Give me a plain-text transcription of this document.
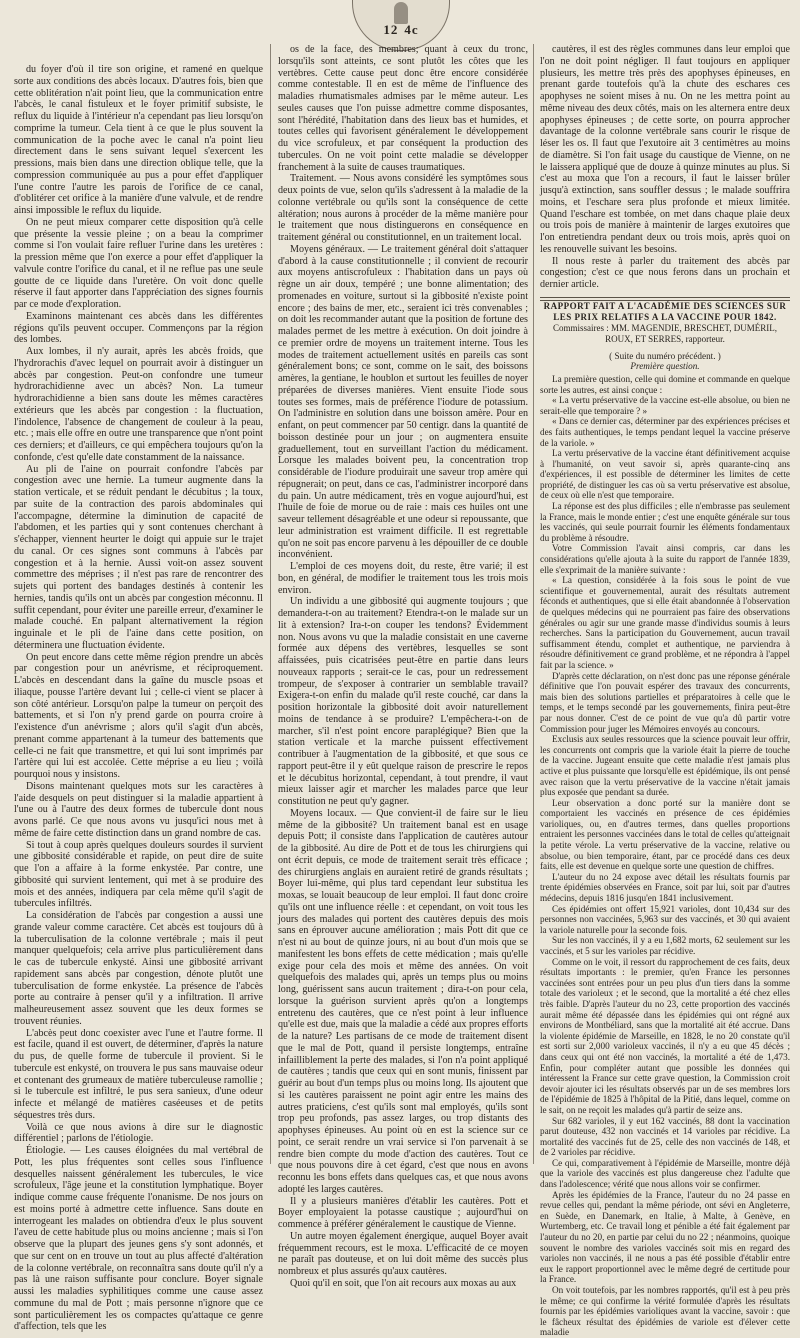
12 4c

du foyer d'où il tire son origine, et ramené en quelque sorte aux conditions des abcès locaux. D'autres fois, bien que cette oblitération n'ait point lieu, que la communication entre l'abcès, le canal fistuleux et le foyer primitif subsiste, le reflux du liquide à l'intérieur n'a cependant pas lieu lorsqu'on comprime la tumeur. Cela tient à ce que le plus souvent la communication de la poche avec le canal n'a point lieu directement dans le sens suivant lequel s'exercent les pressions, mais bien dans une direction oblique telle, que la compression communiquée au pus a pour effet d'appliquer l'une contre l'autre les parois de l'orifice de ce canal, d'oblitérer cet orifice à la manière d'une valvule, et de rendre ainsi impossible le reflux du liquide.

On ne peut mieux comparer cette disposition qu'à celle que présente la vessie pleine ; on a beau la comprimer comme si l'on voulait faire refluer l'urine dans les uretères : la pression même que l'on exerce a pour effet d'appliquer la valvule contre l'orifice du canal, et il ne reflue pas une seule goutte de ce liquide dans l'uretère. On voit donc quelle réserve il faut apporter dans l'appréciation des signes fournis par ce mode d'exploration.

Examinons maintenant ces abcès dans les différentes régions qu'ils peuvent occuper. Commençons par la région des lombes.

Aux lombes, il n'y aurait, après les abcès froids, que l'hydrorachis d'avec lequel on pourrait avoir à distinguer un abcès par congestion. Peut-on confondre une tumeur hydrorachidienne avec un abcès? Non. La tumeur hydrorachidienne a bien sans doute les mêmes caractères extérieurs que les abcès par congestion : la fluctuation, l'indolence, l'absence de changement de couleur à la peau, etc. ; mais elle offre en outre une transparence que n'ont point ces derniers; et d'ailleurs, ce qui empêchera toujours qu'on la confonde, c'est qu'elle date constamment de la naissance.

Au pli de l'aine on pourrait confondre l'abcès par congestion avec une hernie. La tumeur augmente dans la station verticale, et se réduit pendant le décubitus ; la toux, par suite de la contraction des parois abdominales qui l'accompagne, détermine la diminution de capacité de l'abdomen, et les parties qui y sont contenues cherchant à s'échapper, viennent heurter le doigt qui appuie sur le trajet du canal. Or ces signes sont communs à l'abcès par congestion et à la hernie. Aussi voit-on assez souvent commettre des méprises ; il n'est pas rare de rencontrer des sujets qui portent des bandages destinés à contenir les hernies, tandis qu'ils ont un abcès par congestion méconnu. Il suffit cependant, pour éviter une pareille erreur, d'examiner le malade couché. En palpant alternativement la région inguinale et le pli de l'aine dans cette position, on déterminera une fluctuation évidente.

On peut encore dans cette même région prendre un abcès par congestion pour un anévrisme, et réciproquement. L'abcès en descendant dans la gaîne du muscle psoas et iliaque, pousse l'artère devant lui ; celle-ci vient se placer à son côté antérieur. Lorsqu'on palpe la tumeur on perçoit des battements, et si l'on n'y prend garde on pourra croire à l'existence d'un anévrisme ; alors qu'il s'agit d'un abcès, prenant comme appartenant à la tumeur des battements que celle-ci ne fait que transmettre, et qui lui sont imprimés par l'artère qui lui est accolée. Cette méprise a eu lieu ; voilà pourquoi nous y insistons.

Disons maintenant quelques mots sur les caractères à l'aide desquels on peut distinguer si la maladie appartient à l'une ou à l'autre des deux formes de tubercule dont nous avons parlé. Ce que nous avons vu jusqu'ici nous met à même de faire cette distinction dans un grand nombre de cas.

Si tout à coup après quelques douleurs sourdes il survient une gibbosité considérable et rapide, on peut dire de suite que l'on a affaire à la forme enkystée. Par contre, une gibbosité qui survient lentement, qui met à se produire des mois et des années, indiquera par cela même qu'il s'agit de tubercules infiltrés.

La considération de l'abcès par congestion a aussi une grande valeur comme caractère. Cet abcès est toujours dû à la tuberculisation de la colonne vertébrale ; mais il peut manquer quelquefois; cela arrive plus particulièrement dans le cas de tubercule enkysté. Ainsi une gibbosité arrivant rapidement sans abcès par congestion, dénote plutôt une tuberculisation de forme enkystée. La présence de l'abcès porte au contraire à penser qu'il y a infiltration. Il arrive malheureusement assez souvent que les deux formes se trouvent réunies.

L'abcès peut donc coexister avec l'une et l'autre forme. Il est facile, quand il est ouvert, de déterminer, d'après la nature du pus, de quelle forme de tubercule il provient. Si le tubercule est enkysté, on trouvera le pus sans mauvaise odeur et contenant des grumeaux de matière tuberculeuse ramollie ; si le tubercule est infiltré, le pus sera sanieux, d'une odeur infecte et mélangé de matières caséeuses et de petits séquestres très durs.

Voilà ce que nous avions à dire sur le diagnostic différentiel ; parlons de l'étiologie.

Étiologie. — Les causes éloignées du mal vertébral de Pott, les plus fréquentes sont celles sous l'influence desquelles naissent généralement les tubercules, le vice scrofuleux, l'âge jeune et la constitution lymphatique. Boyer indique comme cause fréquente l'onanisme. De nos jours on est moins porté à admettre cette influence. Sans doute en interrogeant les malades on obtiendra d'eux le plus souvent l'aveu de cette habitude plus ou moins ancienne ; mais si l'on observe que la plupart des jeunes gens s'y sont adonnés, et que sur cent on en trouve un tout au plus affecté d'altération de la colonne vertébrale, on reconnaîtra sans doute qu'il n'y a pas là une raison suffisante pour conclure. Boyer signale aussi les maladies syphilitiques comme une cause assez commune du mal de Pott ; mais personne n'ignore que ce sont particulièrement les os compactes qu'attaque ce genre d'affection, tels que les

os de la face, des membres; quant à ceux du tronc, lorsqu'ils sont atteints, ce sont plutôt les côtes que les vertèbres. Cette cause peut donc être encore considérée comme contestable. Il en est de même de l'influence des maladies rhumatismales admises par le même auteur. Les seules causes que l'on puisse admettre comme disposantes, sont l'hérédité, l'habitation dans des lieux bas et humides, et toutes celles qui favorisent généralement le développement du vice scrofuleux, et par conséquent la production des tubercules. On ne voit point cette maladie se développer franchement à la suite de causes traumatiques.

Traitement. — Nous avons considéré les symptômes sous deux points de vue, selon qu'ils s'adressent à la maladie de la colonne vertébrale ou qu'ils sont la conséquence de cette altération; nous aurons à procéder de la même manière pour le traitement que nous distinguerons en conséquence en traitement général ou constitutionnel, en un traitement local.

Moyens généraux. — Le traitement général doit s'attaquer d'abord à la cause constitutionnelle ; il convient de recourir aux moyens antiscrofuleux : l'habitation dans un pays où règne un air doux, tempéré ; une bonne alimentation; des promenades en voiture, surtout si la gibbosité n'existe point encore ; des bains de mer, etc., seraient ici très convenables ; on doit les recommander autant que la position de fortune des malades permet de les mettre à exécution. On doit joindre à ce premier ordre de moyens un traitement interne. Tous les modes de traitement actuellement usités en pareils cas sont généralement bons; ce sont, comme on le sait, des boissons amères, la gentiane, le houblon et surtout les feuilles de noyer préparées de diverses manières. Vient ensuite l'iode sous toutes ses formes, mais de préférence l'iodure de potassium. On l'administre en solution dans une boisson amère. Pour en enfant, on peut commencer par 50 centigr. dans la quantité de boisson destinée pour un jour ; on augmentera ensuite graduellement, tout en surveillant l'action du médicament. Lorsque les malades boivent peu, la concentration trop considérable de l'iodure produirait une saveur trop amère qui répugnerait; on peut, dans ce cas, l'administrer incorporé dans du pain. Un autre médicament, très en vogue aujourd'hui, est l'huile de foie de morue ou de raie : mais ces huiles ont une saveur tellement désagréable et une odeur si repoussante, que leur administration est vraiment difficile. Il est regrettable qu'on ne soit pas encore parvenu à les dépouiller de ce double inconvénient.

L'emploi de ces moyens doit, du reste, être varié; il est bon, en général, de modifier le traitement tous les trois mois environ.

Un individu a une gibbosité qui augmente toujours ; que demandera-t-on au traitement? Etendra-t-on le malade sur un lit à extension? Ira-t-on couper les tendons? Évidemment non. Nous avons vu que la maladie consistait en une caverne formée aux dépens des vertèbres, lesquelles se sont affaissées, puis cicatrisées peut-être en partie dans leurs nouveaux rapports ; serait-ce le cas, pour un redressement trompeur, de s'exposer à contrarier un semblable travail? Exigera-t-on enfin du malade qu'il reste couché, car dans la position horizontale la gibbosité doit avoir naturellement moins de tendance à se produire? L'empêchera-t-on de marcher, s'il n'est point encore paraplégique? Bien que la station verticale et la marche puissent effectivement contribuer à l'augmentation de la gibbosité, et que sous ce rapport peut-être il y eût quelque raison de prescrire le repos et le décubitus horizontal, cependant, à tout prendre, il vaut mieux laisser agir et marcher les malades parce que leur constitution ne peut qu'y gagner.

Moyens locaux. — Que convient-il de faire sur le lieu même de la gibbosité? Un traitement banal est en usage depuis Pott; il consiste dans l'application de cautères autour de la gibbosité. Au dire de Pott et de tous les chirurgiens qui ont écrit depuis, ce mode de traitement serait très efficace ; des chirurgiens anglais en auraient retiré de grands résultats ; Boyer lui-même, qui plus tard cependant leur substitua les moxas, se louait beaucoup de leur emploi. Il faut donc croire qu'ils ont une influence réelle : et cependant, on voit tous les jours des malades qui portent des cautères depuis des mois sans en éprouver aucune amélioration ; mais Pott dit que ce n'est ni au bout de quinze jours, ni au bout d'un mois que se manifestent les bons effets de cette médication ; mais qu'elle exige pour cela des mois et même des années. On voit quelquefois des malades qui, après un temps plus ou moins long, guérissent sans aucun traitement ; dira-t-on pour cela, lorsque la guérison survient après qu'on a longtemps entretenu des cautères, que ce n'est point à leur influence qu'elle est due, mais que la maladie a cédé aux propres efforts de la nature? Les partisans de ce mode de traitement disent que le mal de Pott, quand il persiste longtemps, entraîne infailliblement la perte des malades, si l'on n'a point appliqué de cautères ; tandis que ceux qui en sont munis, finissent par guérir au bout d'un temps plus ou moins long. Ils ajoutent que si les cautères paraissent ne point agir entre les mains des autres praticiens, c'est qu'ils sont mal employés, qu'ils sont trop peu profonds, pas assez larges, ou trop distants des apophyses épineuses. Au point où en est la science sur ce point, ce serait rendre un vrai service si l'on parvenait à se rendre bien compte du mode d'action des cautères. Tout ce que nous pouvons dire à cet égard, c'est que nous en avons reconnu les bons effets dans quelques cas, et que nous avons adopté les larges cautères.

Il y a plusieurs manières d'établir les cautères. Pott et Boyer employaient la potasse caustique ; aujourd'hui on commence à préférer généralement le caustique de Vienne.

Un autre moyen également énergique, auquel Boyer avait fréquemment recours, est le moxa. L'efficacité de ce moyen ne paraît pas douteuse, et on lui doit même des succès plus nombreux et plus assurés qu'aux cautères.

Quoi qu'il en soit, que l'on ait recours aux moxas au aux

cautères, il est des règles communes dans leur emploi que l'on ne doit point négliger. Il faut toujours en appliquer plusieurs, les mettre très près des apophyses épineuses, en prenant garde toutefois qu'à la chute des eschares ces apophyses ne soient mises à nu. On ne les mettra point au même niveau des deux côtés, mais on les alternera entre deux apophyses épineuses ; de cette sorte, on pourra approcher davantage de la colonne vertébrale sans courir le risque de léser les os. Il faut que l'exutoire ait 3 centimètres au moins de diamètre. Si l'on fait usage du caustique de Vienne, on ne le laissera appliqué que de douze à quinze minutes au plus. Si c'est au moxa que l'on a recours, il faut le laisser brûler jusqu'à extinction, sans souffler dessus ; le malade souffrira moins, et l'eschare sera plus profonde et mieux limitée. Quand l'eschare est tombée, on met dans chaque plaie deux ou trois pois de manière à maintenir de larges exutoires que l'on entretiendra pendant deux ou trois mois, après quoi on les renouvelle suivant les besoins.

Il nous reste à parler du traitement des abcès par congestion; c'est ce que nous ferons dans un prochain et dernier article.

RAPPORT FAIT A L'ACADÉMIE DES SCIENCES SUR LES PRIX RELATIFS A LA VACCINE POUR 1842.

Commissaires : MM. MAGENDIE, BRESCHET, DUMÉRIL, ROUX, ET SERRES, rapporteur.

( Suite du numéro précédent. )

Première question.

La première question, celle qui domine et commande en quelque sorte les autres, est ainsi conçue :

« La vertu préservative de la vaccine est-elle absolue, ou bien ne serait-elle que temporaire ? »

« Dans ce dernier cas, déterminer par des expériences précises et des faits authentiques, le temps pendant lequel la vaccine préserve de la variole. »

La vertu préservative de la vaccine étant définitivement acquise à l'humanité, on veut savoir si, après quarante-cinq ans d'expériences, il est possible de déterminer les limites de cette propriété, de distinguer les cas où sa vertu préservative est absolue, de ceux où elle n'est que temporaire.

La réponse est des plus difficiles ; elle n'embrasse pas seulement la France, mais le monde entier ; c'est une enquête générale sur tous les vaccinés, qui seule pourrait fournir les éléments fondamentaux du problème à résoudre.

Votre Commission l'avait ainsi compris, car dans les considérations qu'elle ajouta à la suite du rapport de l'année 1839, elle s'exprimait de la manière suivante :

« La question, considérée à la fois sous le point de vue scientifique et gouvernemental, aurait des résultats autrement féconds et authentiques, que si elle était abandonnée à l'observation de quelques médecins qui ne pourraient pas faire des observations générales ou agir sur une grande masse d'individus soumis à leurs recherches. Sans la participation du Gouvernement, aucun travail suffisamment étendu, complet et authentique, ne parviendra à résoudre définitivement ce grand problème, et ne répondra à l'appel fait par la science. »

D'après cette déclaration, on n'est donc pas une réponse générale définitive que l'on pouvait espérer des travaux des concurrents, mais bien des solutions partielles et préparatoires à celle que le temps, et le temps secondé par les gouvernements, finira peut-être par nous donner. C'est de ce point de vue qu'a dû partir votre Commission pour juger les Mémoires envoyés au concours.

Exclusis aux seules ressources que la science pouvait leur offrir, les concurrents ont compris que la variole était la pierre de touche de la vaccine. Jugeant ensuite que cette maladie n'est jamais plus active et plus puissante que lorsqu'elle est épidémique, ils ont pensé avec raison que la vertu préservative de la vaccine n'était jamais plus exposée que pendant sa durée.

Leur observation a donc porté sur la manière dont se comportaient les vaccinés en présence de ces épidémies varioliques, ou, en d'autres termes, dans quelles proportions entraient les personnes vaccinées dans le total de celles qu'atteignait la petite vérole. La vertu préservative de la vaccine, relative ou absolue, ou bien temporaire, étant, par ce procédé dans ces deux faits, elle est devenue en quelque sorte une question de chiffres.

L'auteur du no 24 expose avec détail les résultats fournis par trente épidémies observées en France, soit par lui, soit par d'autres médecins, depuis 1816 jusqu'en 1841 inclusivement.

Ces épidémies ont offert 15,921 varioles, dont 10,434 sur des personnes non vaccinées, 5,963 sur des vaccinés, et 30 qui avaient la variole naturelle pour la seconde fois.

Sur les non vaccinés, il y a eu 1,682 morts, 62 seulement sur les vaccinés, et 5 sur les varioles par récidive.

Comme on le voit, il ressort du rapprochement de ces faits, deux résultats importants : le premier, qu'en France les personnes vaccinées sont entrées pour un peu plus d'un tiers dans la somme totale des varioleux ; et le second, que la mortalité a été chez elles très faible. D'après l'auteur du no 23, cette proportion des vaccinés aurait même été dépassée dans les épidémies qui ont régné aux environs de Montbéliard, sans que la mortalité ait été accrue. Dans la violente épidémie de Marseille, en 1828, le no 20 constate qu'il est sorti sur 2,000 varioleux vaccinés, il n'y a eu que 45 décès ; dans ceux qui ont été non vaccinés, la mortalité a été de 1,473. Enfin, pour compléter autant que possible les données qui intéressent la France sur cette grave question, la Commission croit devoir ajouter ici les résultats observés par un de ses membres lors de l'épidémie de 1825 à l'hôpital de la Pitié, dans lequel, comme on le sait, on ne reçoit les malades qu'à partir de seize ans.

Sur 682 varioles, il y eut 162 vaccinés, 88 dont la vaccination parut douteuse, 432 non vaccinés et 14 varioles par récidive. La mortalité des vaccinés fut de 25, celle des non vaccinés de 148, et de 2 varioles par récidive.

Ce qui, comparativement à l'épidémie de Marseille, montre déjà que la variole des vaccinés est plus dangereuse chez l'adulte que dans l'adolescence; vérité que nous allons voir se confirmer.

Après les épidémies de la France, l'auteur du no 24 passe en revue celles qui, pendant la même période, ont sévi en Angleterre, en Suède, en Danemark, en Italie, à Malte, à Genève, en Wurtemberg, etc. Ce travail long et pénible a été fait également par l'auteur du no 20, en partie par celui du no 22 ; néanmoins, quoique souvent le nombre des varioles vaccinés soit mis en regard des varioles non vaccinés, il ne nous a pas été possible d'établir entre eux le rapport proportionnel avec le même degré de certitude pour la France.

On voit toutefois, par les nombres rapportés, qu'il est à peu près le même; ce qui confirme la vérité formulée d'après les résultats fournis par les épidémies varioliques avant la vaccine, savoir : que le fâcheux résultat des épidémies de variole est d'élever cette maladie
